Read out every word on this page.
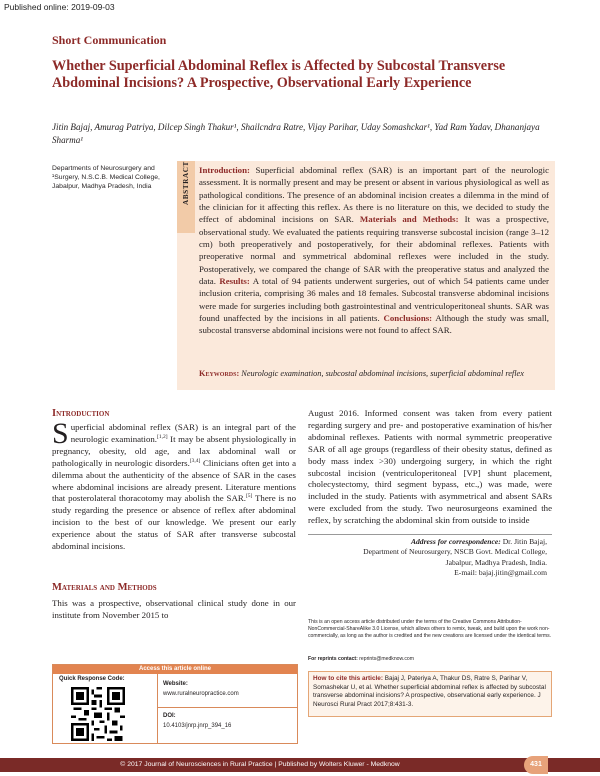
Published online: 2019-09-03
Short Communication
Whether Superficial Abdominal Reflex is Affected by Subcostal Transverse Abdominal Incisions? A Prospective, Observational Early Experience
Jitin Bajaj, Amurag Patriya, Dilcep Singh Thakur¹, Shailcndra Ratre, Vijay Parihar, Uday Somashckar¹, Yad Ram Yadav, Dhananjaya Sharma¹
Departments of Neurosurgery and ¹Surgery, N.S.C.B. Medical College, Jabalpur, Madhya Pradesh, India	ABSTRACT Introduction: Superficial abdominal reflex (SAR) is an important part of the neurologic assessment. It is normally present and may be present or absent in various physiological as well as pathological conditions. The presence of an abdominal incision creates a dilemma in the mind of the clinician for it affecting this reflex. As there is no literature on this, we decided to study the effect of abdominal incisions on SAR. Materials and Methods: It was a prospective, observational study. We evaluated the patients requiring transverse subcostal incision (range 3–12 cm) both preoperatively and postoperatively, for their abdominal reflexes. Patients with preoperative normal and symmetrical abdominal reflexes were included in the study. Postoperatively, we compared the change of SAR with the preoperative status and analyzed the data. Results: A total of 94 patients underwent surgeries, out of which 54 patients came under inclusion criteria, comprising 36 males and 18 females. Subcostal transverse abdominal incisions were made for surgeries including both gastrointestinal and ventriculoperitoneal shunts. SAR was found unaffected by the incisions in all patients. Conclusions: Although the study was small, subcostal transverse abdominal incisions were not found to affect SAR.
Keywords: Neurologic examination, subcostal abdominal incisions, superficial abdominal reflex
Introduction
Superficial abdominal reflex (SAR) is an integral part of the neurologic examination.[1,2] It may be absent physiologically in pregnancy, obesity, old age, and lax abdominal wall or pathologically in neurologic disorders.[3,4] Clinicians often get into a dilemma about the authenticity of the absence of SAR in the cases where abdominal incisions are already present. Literature mentions that posterolateral thoracotomy may abolish the SAR.[5] There is no study regarding the presence or absence of reflex after abdominal incision to the best of our knowledge. We present our early experience about the status of SAR after transverse subcostal abdominal incisions.
Materials and Methods
This was a prospective, observational clinical study done in our institute from November 2015 to
August 2016. Informed consent was taken from every patient regarding surgery and pre- and postoperative examination of his/her abdominal reflexes. Patients with normal symmetric preoperative SAR of all age groups (regardless of their obesity status, defined as body mass index >30) undergoing surgery, in which the right subcostal incision (ventriculoperitoneal [VP] shunt placement, cholecystectomy, third segment bypass, etc.,) was made, were included in the study. Patients with asymmetrical and absent SARs were excluded from the study. Two neurosurgeons examined the reflex, by scratching the abdominal skin from outside to inside
Address for correspondence: Dr. Jitin Bajaj,
Department of Neurosurgery, NSCB Govt. Medical College,
Jabalpur, Madhya Pradesh, India.
E-mail: bajaj.jitin@gmail.com
This is an open access article distributed under the terms of the Creative Commons Attribution-NonCommercial-ShareAlike 3.0 License, which allows others to remix, tweak, and build upon the work non-commercially, as long as the author is credited and the new creations are licensed under the identical terms.
For reprints contact: reprints@medknow.com
How to cite this article: Bajaj J, Pateriya A, Thakur DS, Ratre S, Parihar V, Somashekar U, et al. Whether superficial abdominal reflex is affected by subcostal transverse abdominal incisions? A prospective, observational early experience. J Neurosci Rural Pract 2017;8:431-3.
Access this article online
Quick Response Code:
Website:
www.ruralneuropractice.com
DOI:
10.4103/jnrp.jnrp_394_16
© 2017 Journal of Neurosciences in Rural Practice | Published by Wolters Kluwer - Medknow	431
